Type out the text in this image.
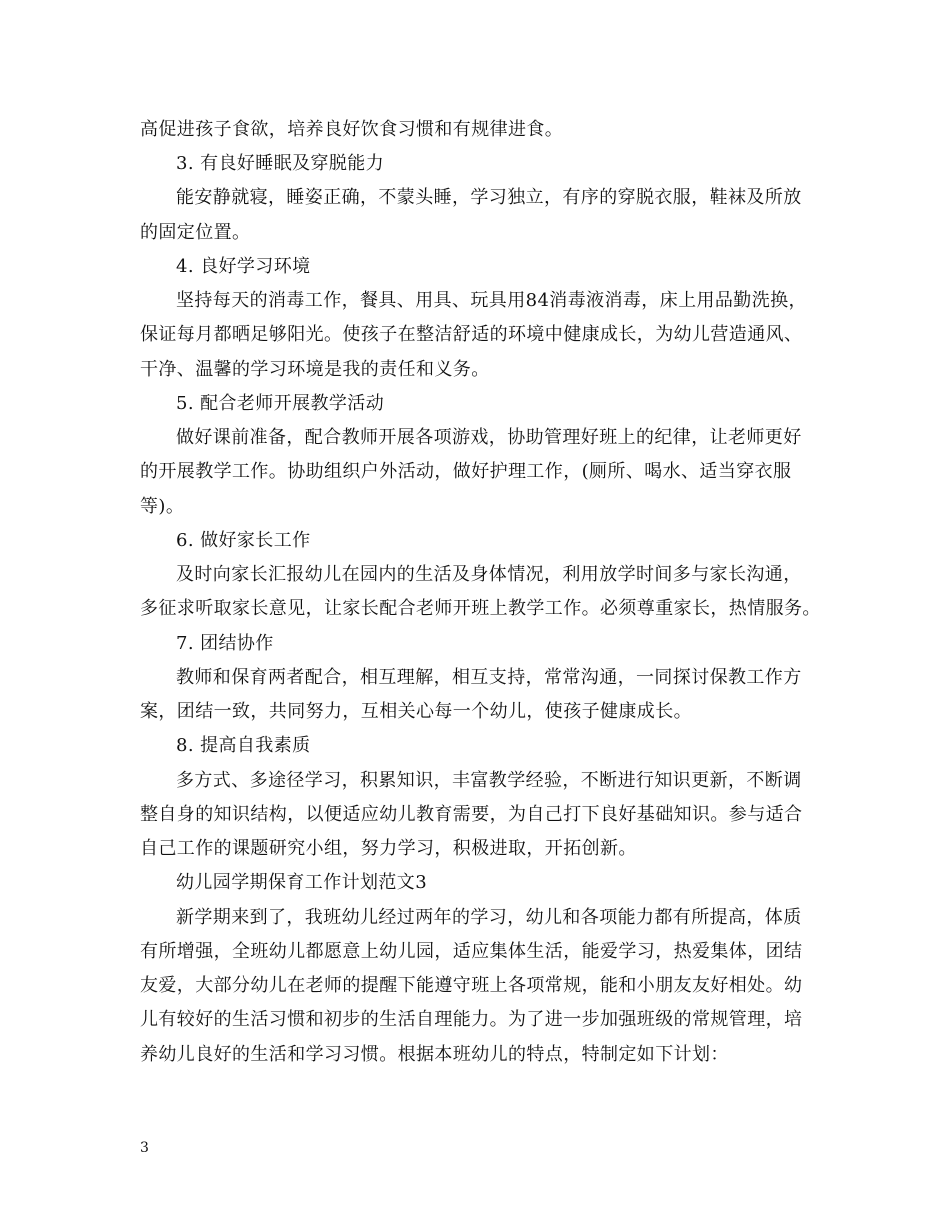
高促进孩子食欲，培养良好饮食习惯和有规律进食。
3. 有良好睡眠及穿脱能力
能安静就寝，睡姿正确，不蒙头睡，学习独立，有序的穿脱衣服，鞋袜及所放
的固定位置。
4. 良好学习环境
坚持每天的消毒工作，餐具、用具、玩具用84消毒液消毒，床上用品勤洗换，
保证每月都晒足够阳光。使孩子在整洁舒适的环境中健康成长，为幼儿营造通风、
干净、温馨的学习环境是我的责任和义务。
5. 配合老师开展教学活动
做好课前准备，配合教师开展各项游戏，协助管理好班上的纪律，让老师更好
的开展教学工作。协助组织户外活动，做好护理工作，(厕所、喝水、适当穿衣服
等)。
6. 做好家长工作
及时向家长汇报幼儿在园内的生活及身体情况，利用放学时间多与家长沟通，
多征求听取家长意见，让家长配合老师开班上教学工作。必须尊重家长，热情服务。
7. 团结协作
教师和保育两者配合，相互理解，相互支持，常常沟通，一同探讨保教工作方
案，团结一致，共同努力，互相关心每一个幼儿，使孩子健康成长。
8. 提高自我素质
多方式、多途径学习，积累知识，丰富教学经验，不断进行知识更新，不断调
整自身的知识结构，以便适应幼儿教育需要，为自己打下良好基础知识。参与适合
自己工作的课题研究小组，努力学习，积极进取，开拓创新。
幼儿园学期保育工作计划范文3
新学期来到了，我班幼儿经过两年的学习，幼儿和各项能力都有所提高，体质
有所增强，全班幼儿都愿意上幼儿园，适应集体生活，能爱学习，热爱集体，团结
友爱，大部分幼儿在老师的提醒下能遵守班上各项常规，能和小朋友友好相处。幼
儿有较好的生活习惯和初步的生活自理能力。为了进一步加强班级的常规管理，培
养幼儿良好的生活和学习习惯。根据本班幼儿的特点，特制定如下计划：
3
